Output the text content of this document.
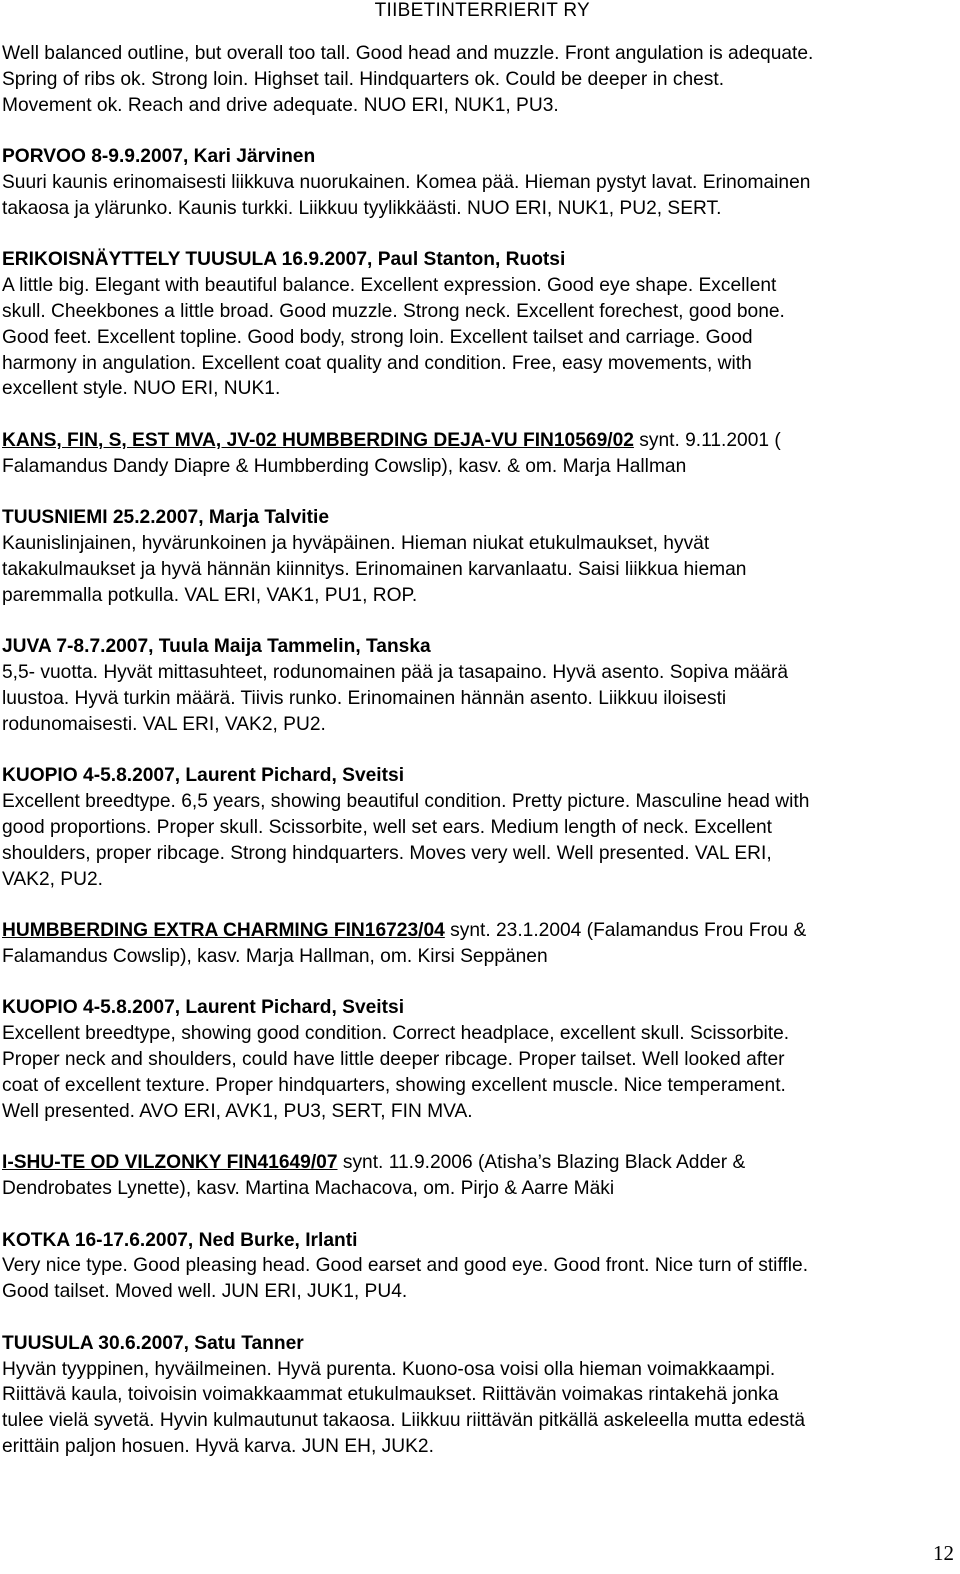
TIIBETINTERRIERIT RY
Well balanced outline, but overall too tall. Good head and muzzle. Front angulation is adequate.
Spring of ribs ok. Strong loin. Highset tail. Hindquarters ok. Could be deeper in chest.
Movement ok. Reach and drive adequate. NUO ERI, NUK1, PU3.
PORVOO 8-9.9.2007, Kari Järvinen
Suuri kaunis erinomaisesti liikkuva nuorukainen. Komea pää. Hieman pystyt lavat. Erinomainen
takaosa ja ylärunko. Kaunis turkki. Liikkuu tyylikkäästi. NUO ERI, NUK1, PU2, SERT.
ERIKOISNÄYTTELY TUUSULA 16.9.2007, Paul Stanton, Ruotsi
A little big. Elegant with beautiful balance. Excellent expression. Good eye shape. Excellent
skull. Cheekbones a little broad. Good muzzle. Strong neck. Excellent forechest, good bone.
Good feet. Excellent topline. Good body, strong loin. Excellent tailset and carriage. Good
harmony in angulation. Excellent coat quality and condition. Free, easy movements, with
excellent style. NUO ERI, NUK1.
KANS, FIN, S, EST MVA, JV-02 HUMBBERDING DEJA-VU FIN10569/02 synt. 9.11.2001 (
Falamandus Dandy Diapre & Humbberding Cowslip), kasv. & om. Marja Hallman
TUUSNIEMI 25.2.2007, Marja Talvitie
Kaunislinjainen, hyvärunkoinen ja hyväpäinen. Hieman niukat etukulmaukset, hyvät
takakulmaukset ja hyvä hännän kiinnitys. Erinomainen karvanlaatu. Saisi liikkua hieman
paremmalla potkulla. VAL ERI, VAK1, PU1, ROP.
JUVA 7-8.7.2007, Tuula Maija Tammelin, Tanska
5,5- vuotta. Hyvät mittasuhteet, rodunomainen pää ja tasapaino. Hyvä asento. Sopiva määrä
luustoa. Hyvä turkin määrä. Tiivis runko. Erinomainen hännän asento. Liikkuu iloisesti
rodunomaisesti. VAL ERI, VAK2, PU2.
KUOPIO 4-5.8.2007, Laurent Pichard, Sveitsi
Excellent breedtype. 6,5 years, showing beautiful condition. Pretty picture. Masculine head with
good proportions. Proper skull. Scissorbite, well set ears. Medium length of neck. Excellent
shoulders, proper ribcage. Strong hindquarters. Moves very well. Well presented. VAL ERI,
VAK2, PU2.
HUMBBERDING EXTRA CHARMING FIN16723/04 synt. 23.1.2004 (Falamandus Frou Frou &
Falamandus Cowslip), kasv. Marja Hallman, om. Kirsi Seppänen
KUOPIO 4-5.8.2007, Laurent Pichard, Sveitsi
Excellent breedtype, showing good condition. Correct headplace, excellent skull. Scissorbite.
Proper neck and shoulders, could have little deeper ribcage. Proper tailset. Well looked after
coat of excellent texture. Proper hindquarters, showing excellent muscle. Nice temperament.
Well presented. AVO ERI, AVK1, PU3, SERT, FIN MVA.
I-SHU-TE OD VILZONKY FIN41649/07 synt. 11.9.2006 (Atisha’s Blazing Black Adder &
Dendrobates Lynette), kasv. Martina Machacova, om. Pirjo & Aarre Mäki
KOTKA 16-17.6.2007, Ned Burke, Irlanti
Very nice type. Good pleasing head. Good earset and good eye. Good front. Nice turn of stiffle.
Good tailset. Moved well. JUN ERI, JUK1, PU4.
TUUSULA 30.6.2007, Satu Tanner
Hyvän tyyppinen, hyväilmeinen. Hyvä purenta. Kuono-osa voisi olla hieman voimakkaampi.
Riittävä kaula, toivoisin voimakkaammat etukulmaukset. Riittävän voimakas rintakehä jonka
tulee vielä syvetä. Hyvin kulmautunut takaosa. Liikkuu riittävän pitkällä askeleella mutta edestä
erittäin paljon hosuen. Hyvä karva. JUN EH, JUK2.
12
